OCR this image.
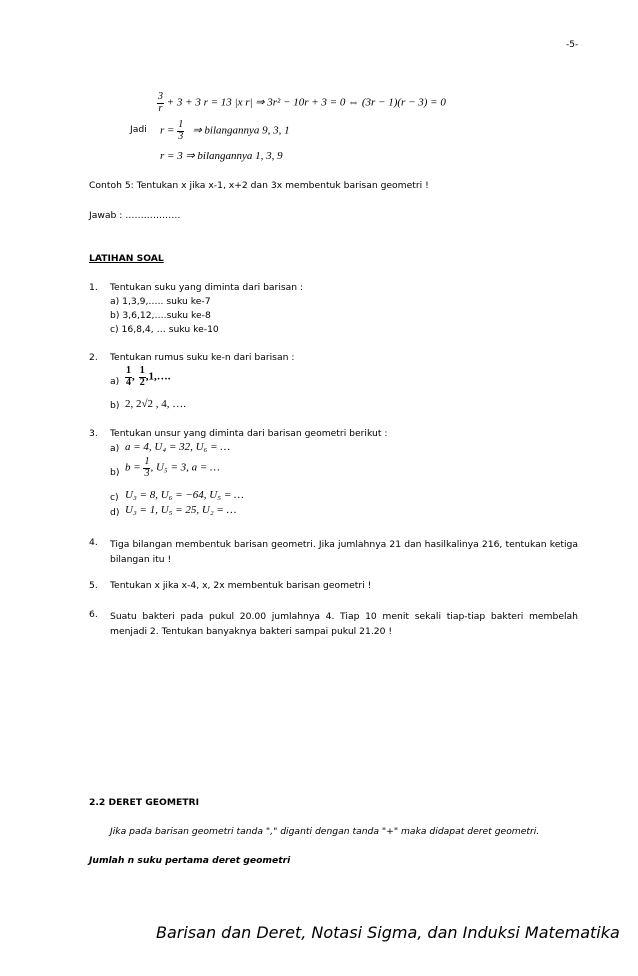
-5-
$\frac{3}{r} + 3 + 3$ r = 13 |x r| ⇒ 3r² − 10r + 3 = 0 ⇔ (3r − 1)(r − 3) = 0
Jadi $r = \frac{1}{3}$ ⇒ bilangannya 9, 3, 1
r = 3 ⇒ bilangannya 1, 3, 9
Contoh 5: Tentukan x jika x-1, x+2 dan 3x membentuk barisan geometri !
Jawab : ………………
LATIHAN SOAL
1. Tentukan suku yang diminta dari barisan :
a) 1,3,9,….. suku ke-7
b) 3,6,12,….suku ke-8
c) 16,8,4, … suku ke-10
2. Tentukan rumus suku ke-n dari barisan :
$a) \frac{1}{4}$ , $\frac{1}{2}$ ,1,….
b) 2, 2√2 , 4, ….
3. Tentukan unsur yang diminta dari barisan geometri berikut :
a) a = 4, U₄ = 32, U₆ = …
b) $b = \frac{1}{3}$ , U₅ = 3, a = …
c) U₃ = 8, U₆ = −64, U₅ = …
d) U₃ = 1, U₅ = 25, U₂ = …
4. Tiga bilangan membentuk barisan geometri. Jika jumlahnya 21 dan hasilkalinya 216, tentukan ketiga bilangan itu !
5. Tentukan x jika x-4, x, 2x membentuk barisan geometri !
6. Suatu bakteri pada pukul 20.00 jumlahnya 4. Tiap 10 menit sekali tiap-tiap bakteri membelah menjadi 2. Tentukan banyaknya bakteri sampai pukul 21.20 !
2.2 DERET GEOMETRI
Jika pada barisan geometri tanda "," diganti dengan tanda "+" maka didapat deret geometri.
Jumlah n suku pertama deret geometri
Barisan dan Deret, Notasi Sigma, dan Induksi Matematika
